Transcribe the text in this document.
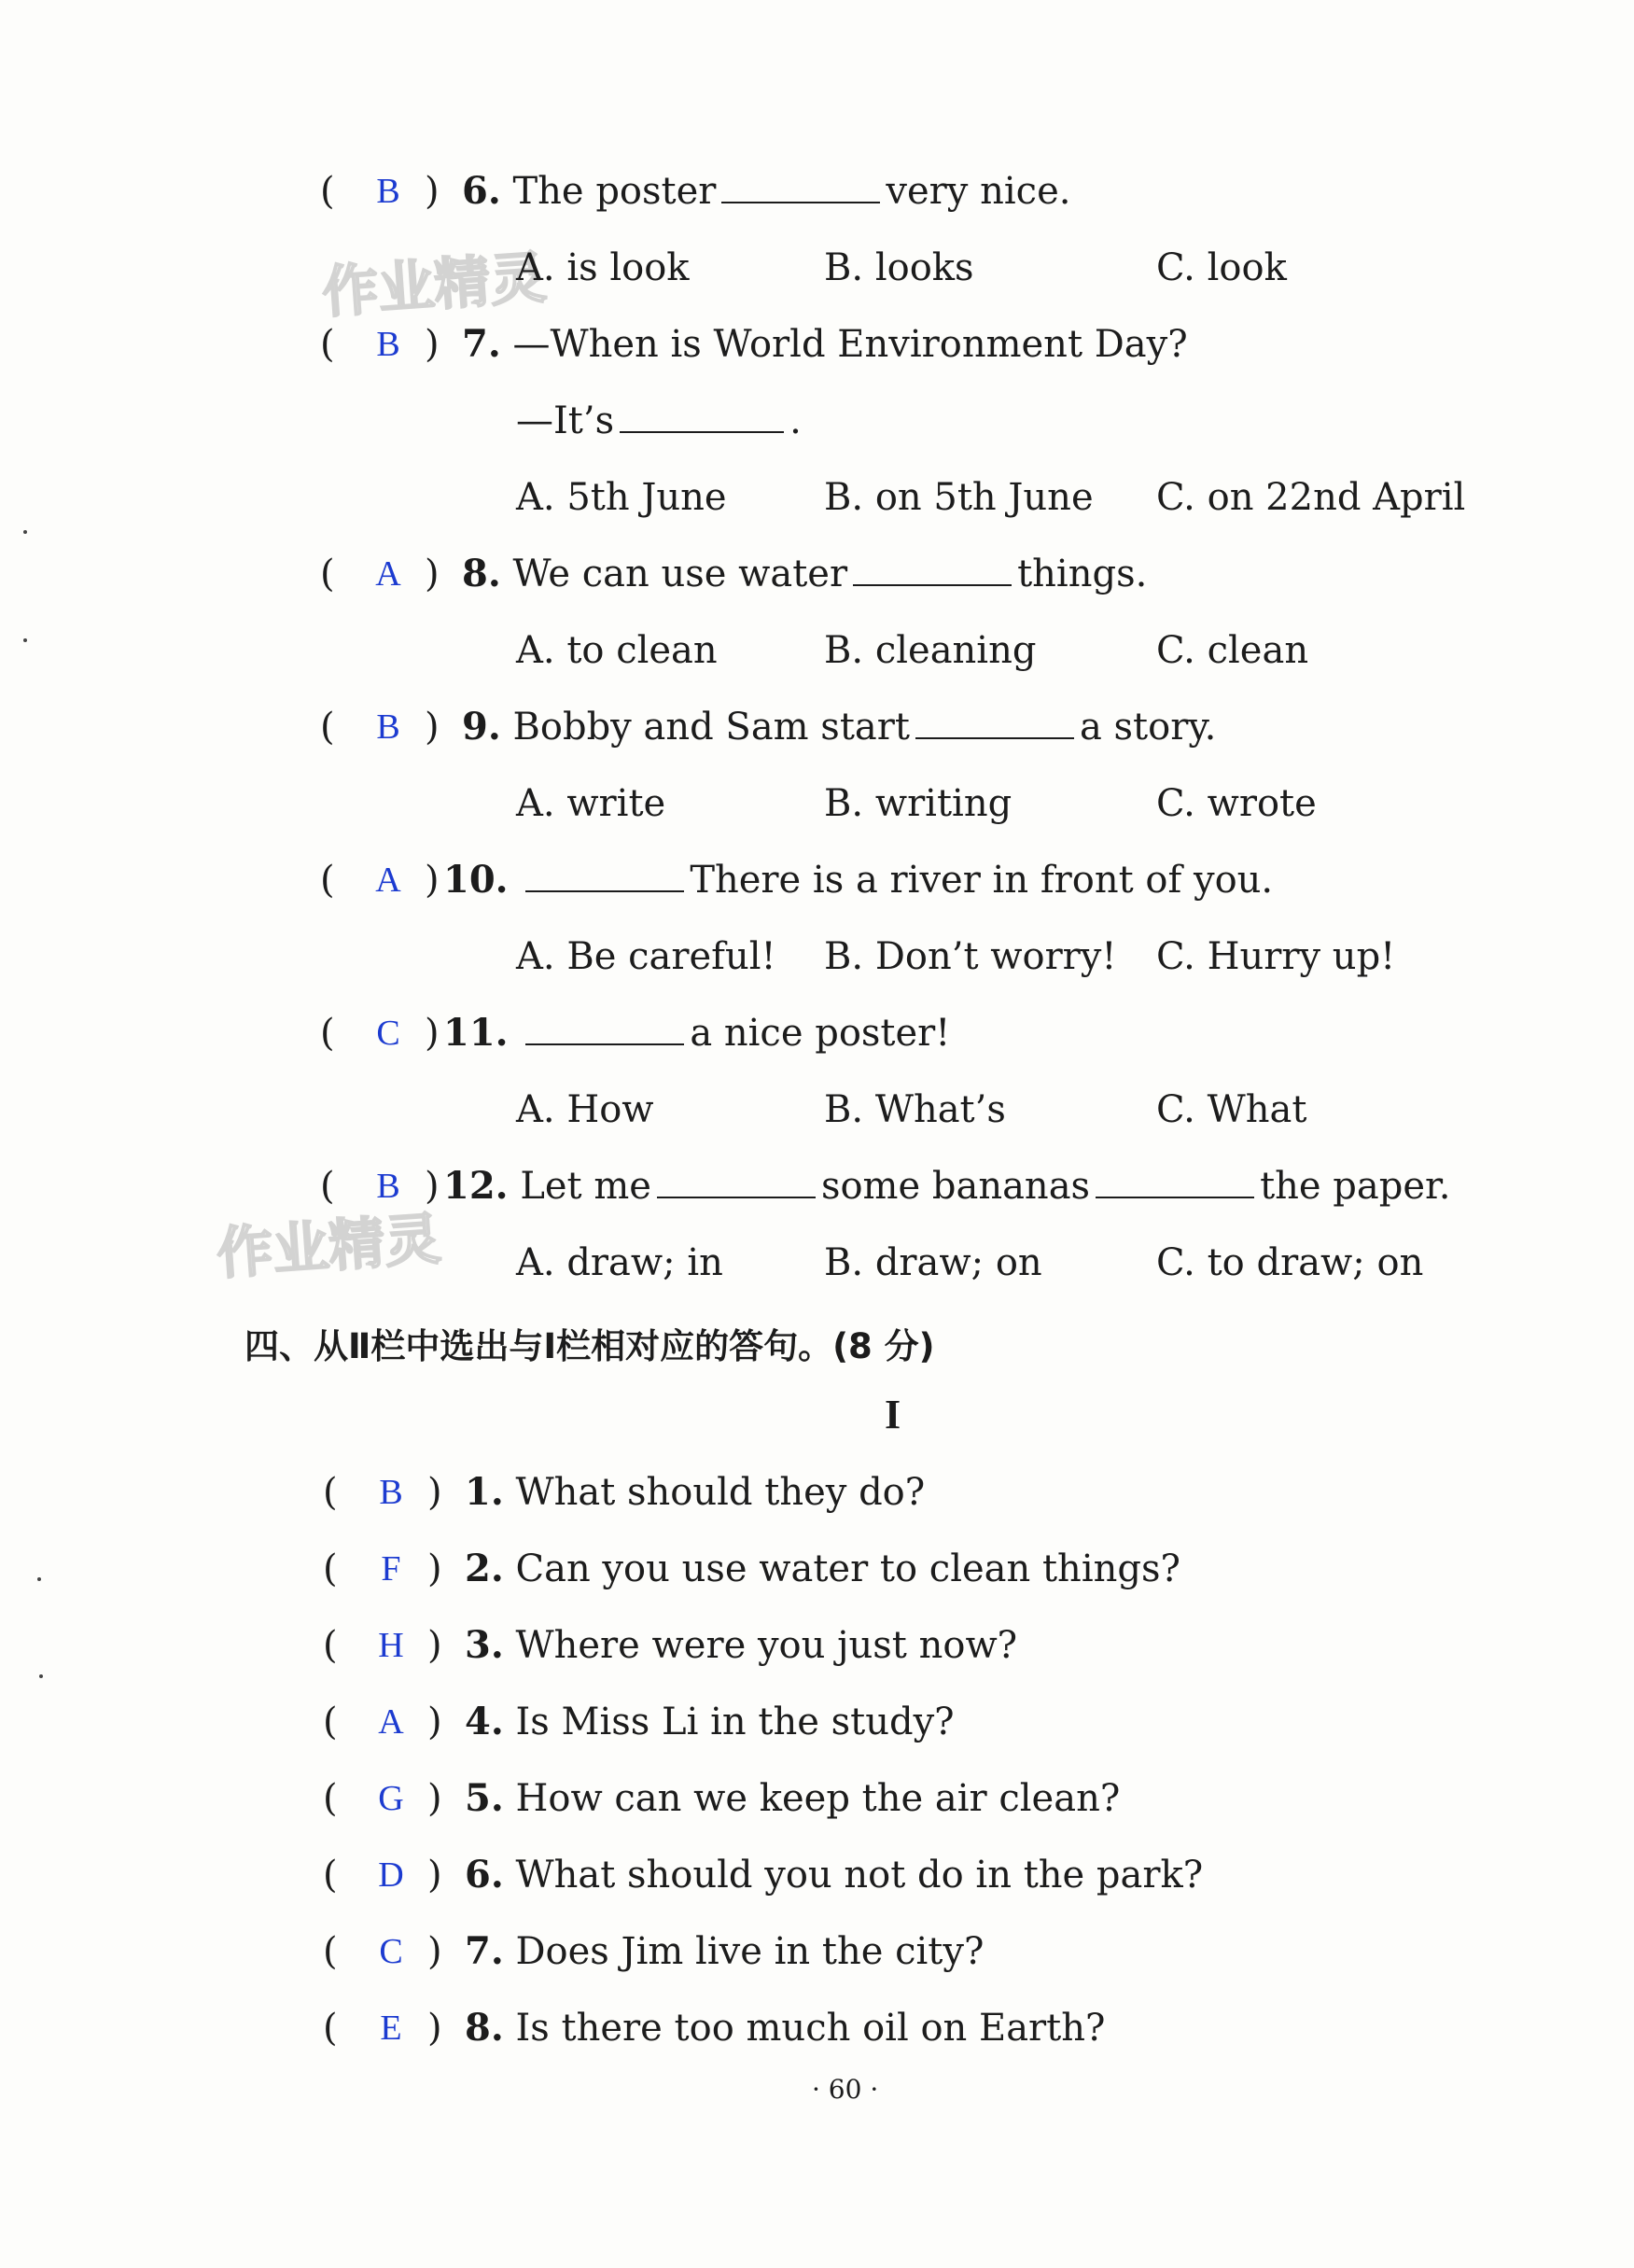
作业精灵
作业精灵
(	B ) 6. The poster	very nice.
A. is look	B. looks	C. look
(	B ) 7. —When is World Environment Day?
—It’s	.
A. 5th June	B. on 5th June C. on 22nd April
( A ) 8. We can use water	things.
A. to clean	B. cleaning	C. clean
(	B ) 9. Bobby and Sam start	a story.
A. write	B. writing	C. wrote
( A ) 10.	There is a river in front of you.
A. Be careful! B. Don’t worry! C. Hurry up!
(	C ) 11.	a nice poster!
A. How	B. What’s	C. What
(	B ) 12. Let me	some bananas	the paper.
A. draw; in	B. draw; on	C. to draw; on
四、从Ⅱ栏中选出与Ⅰ栏相对应的答句。(8 分)
I
(	B ) 1. What should they do?
(	F ) 2. Can you use water to clean things?
( H ) 3. Where were you just now?
( A ) 4. Is Miss Li in the study?
( G ) 5. How can we keep the air clean?
( D ) 6. What should you not do in the park?
(	C ) 7. Does Jim live in the city?
(	E ) 8. Is there too much oil on Earth?
· 60 ·
